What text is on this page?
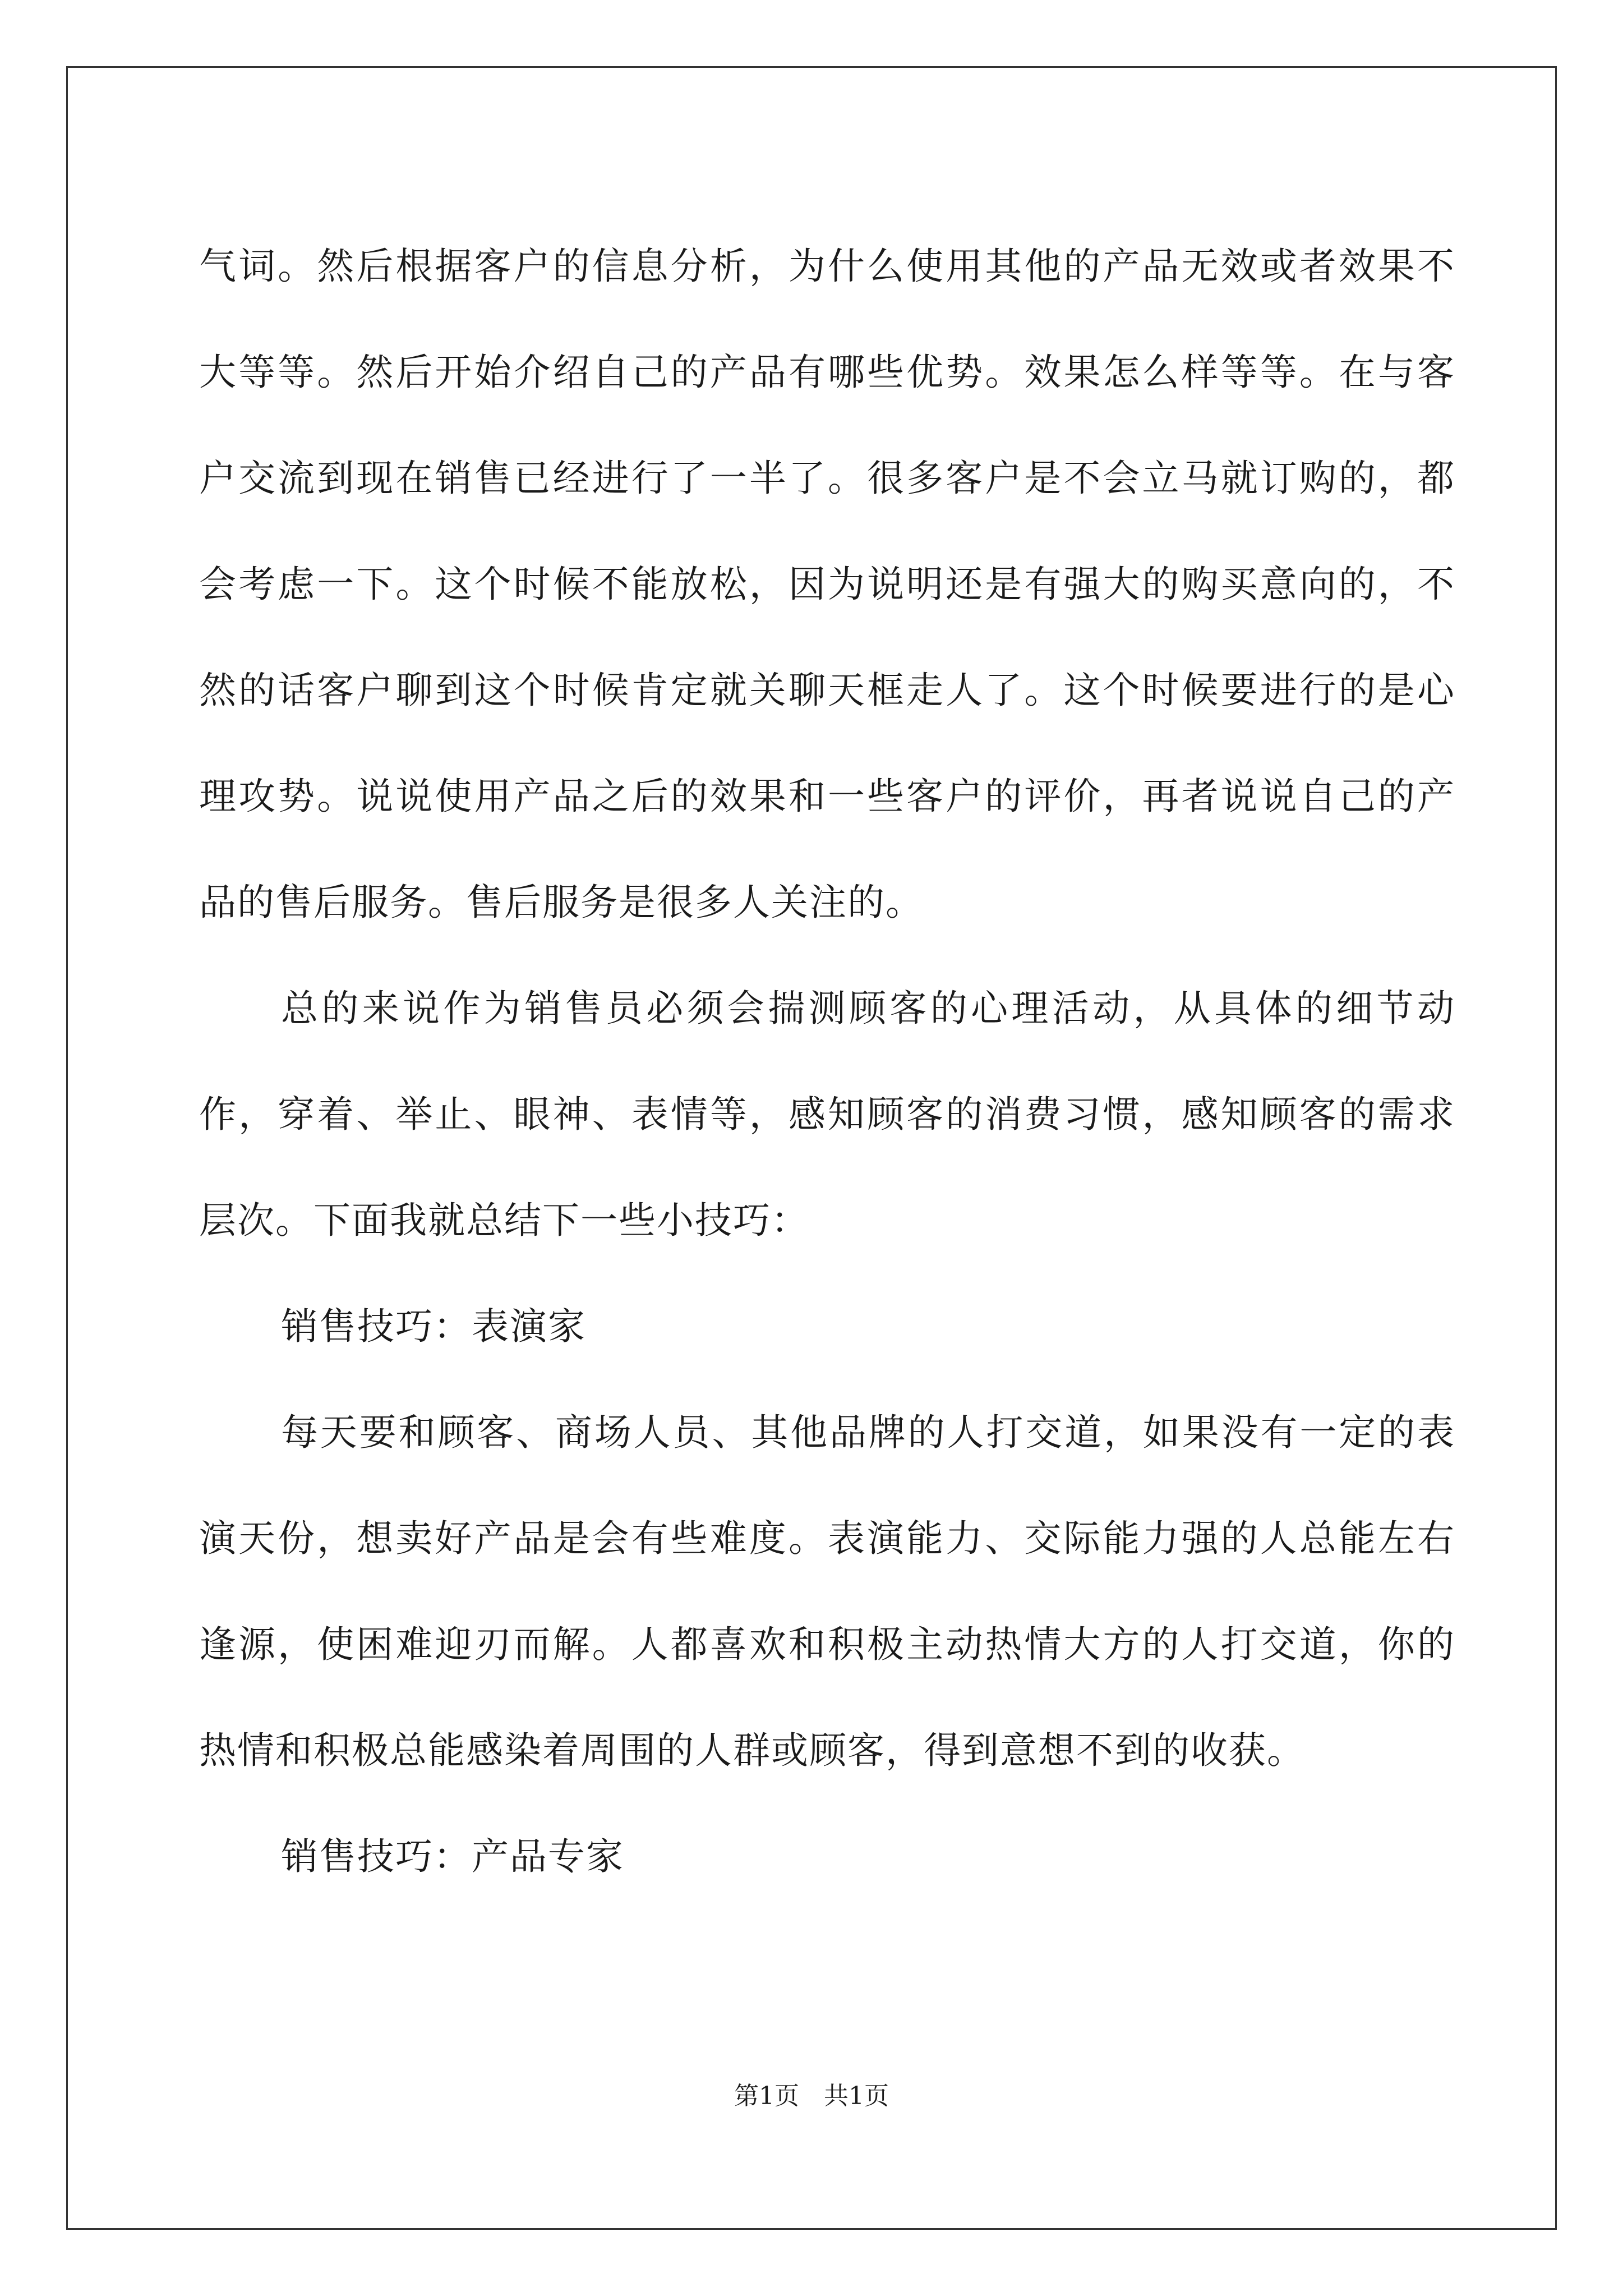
气词。然后根据客户的信息分析，为什么使用其他的产品无效或者效果不大等等。然后开始介绍自己的产品有哪些优势。效果怎么样等等。在与客户交流到现在销售已经进行了一半了。很多客户是不会立马就订购的，都会考虑一下。这个时候不能放松，因为说明还是有强大的购买意向的，不然的话客户聊到这个时候肯定就关聊天框走人了。这个时候要进行的是心理攻势。说说使用产品之后的效果和一些客户的评价，再者说说自己的产品的售后服务。售后服务是很多人关注的。

总的来说作为销售员必须会揣测顾客的心理活动，从具体的细节动作，穿着、举止、眼神、表情等，感知顾客的消费习惯，感知顾客的需求层次。下面我就总结下一些小技巧：

销售技巧：表演家

每天要和顾客、商场人员、其他品牌的人打交道，如果没有一定的表演天份，想卖好产品是会有些难度。表演能力、交际能力强的人总能左右逢源，使困难迎刃而解。人都喜欢和积极主动热情大方的人打交道，你的热情和积极总能感染着周围的人群或顾客，得到意想不到的收获。

销售技巧：产品专家

第1页　共1页
